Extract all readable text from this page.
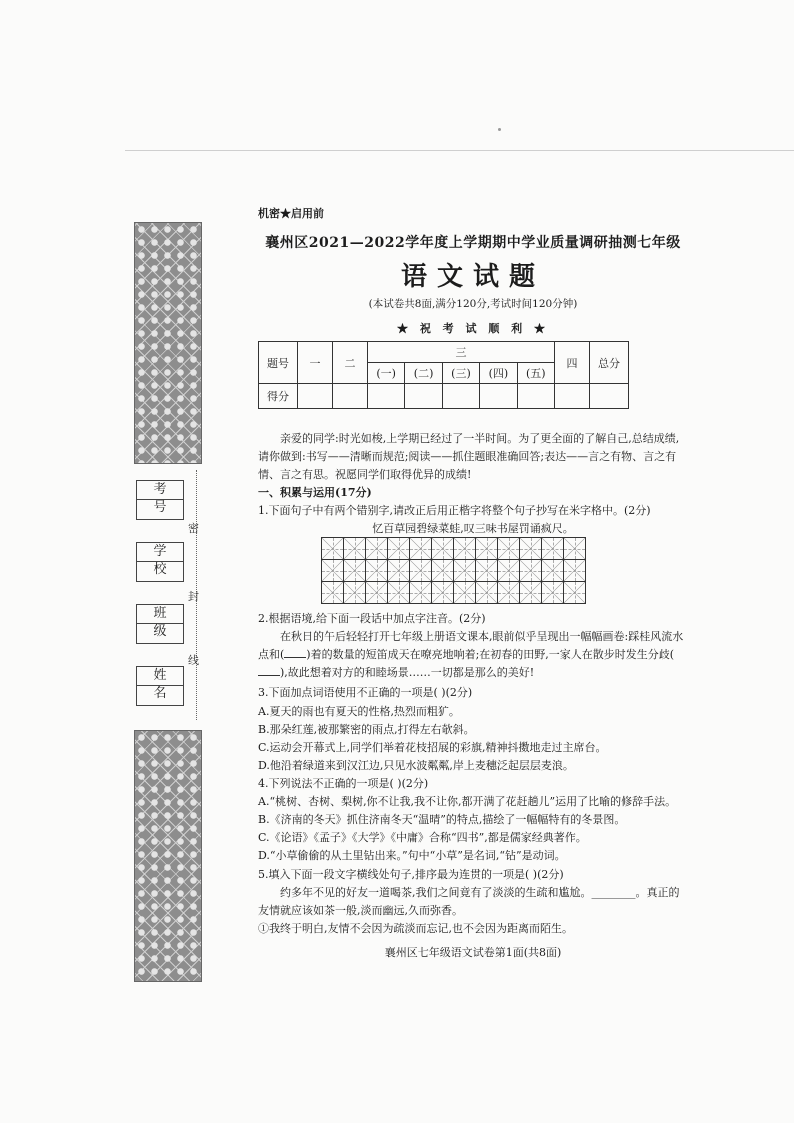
考号
学校
班级
姓名
密
封
线
机密★启用前
襄州区2021—2022学年度上学期期中学业质量调研抽测七年级
语文试题
(本试卷共8面,满分120分,考试时间120分钟)
★ 祝 考 试 顺 利 ★
题号	一	二	三					四	总分
			(一)	(二)	(三)	(四)	(五)		
得分									
亲爱的同学:时光如梭,上学期已经过了一半时间。为了更全面的了解自己,总结成绩,请你做到:书写——清晰而规范;阅读——抓住题眼准确回答;表达——言之有物、言之有情、言之有思。祝愿同学们取得优异的成绩!
一、积累与运用(17分)
1.下面句子中有两个错别字,请改正后用正楷字将整个句子抄写在米字格中。(2分)
忆百草园碧绿菜蛙,叹三味书屋罚诵疯尺。
2.根据语境,给下面一段话中加点字注音。(2分)
在秋日的午后轻轻打开七年级上册语文课本,眼前似乎呈现出一幅幅画卷:踩桂风流水点和( )着的数量的短笛成天在嘹亮地响着;在初春的田野,一家人在散步时发生分歧(),故此想着对方的和睦场景……一切都是那么的美好!
3.下面加点词语使用不正确的一项是( )(2分)
A.夏天的雨也有夏天的性格,热烈而粗犷。
B.那朵红莲,被那繁密的雨点,打得左右欹斜。
C.运动会开幕式上,同学们举着花枝招展的彩旗,精神抖擞地走过主席台。
D.他沿着绿道来到汉江边,只见水波粼粼,岸上麦穗泛起层层麦浪。
4.下列说法不正确的一项是( )(2分)
A.“桃树、杏树、梨树,你不让我,我不让你,都开满了花赶趟儿”运用了比喻的修辞手法。
B.《济南的冬天》抓住济南冬天“温晴”的特点,描绘了一幅幅特有的冬景图。
C.《论语》《孟子》《大学》《中庸》合称“四书”,都是儒家经典著作。
D.“小草偷偷的从土里钻出来。”句中“小草”是名词,“钻”是动词。
5.填入下面一段文字横线处句子,排序最为连贯的一项是( )(2分)
约多年不见的好友一道喝茶,我们之间竟有了淡淡的生疏和尴尬。________。真正的友情就应该如茶一般,淡而幽远,久而弥香。
①我终于明白,友情不会因为疏淡而忘记,也不会因为距离而陌生。
襄州区七年级语文试卷第1面(共8面)
